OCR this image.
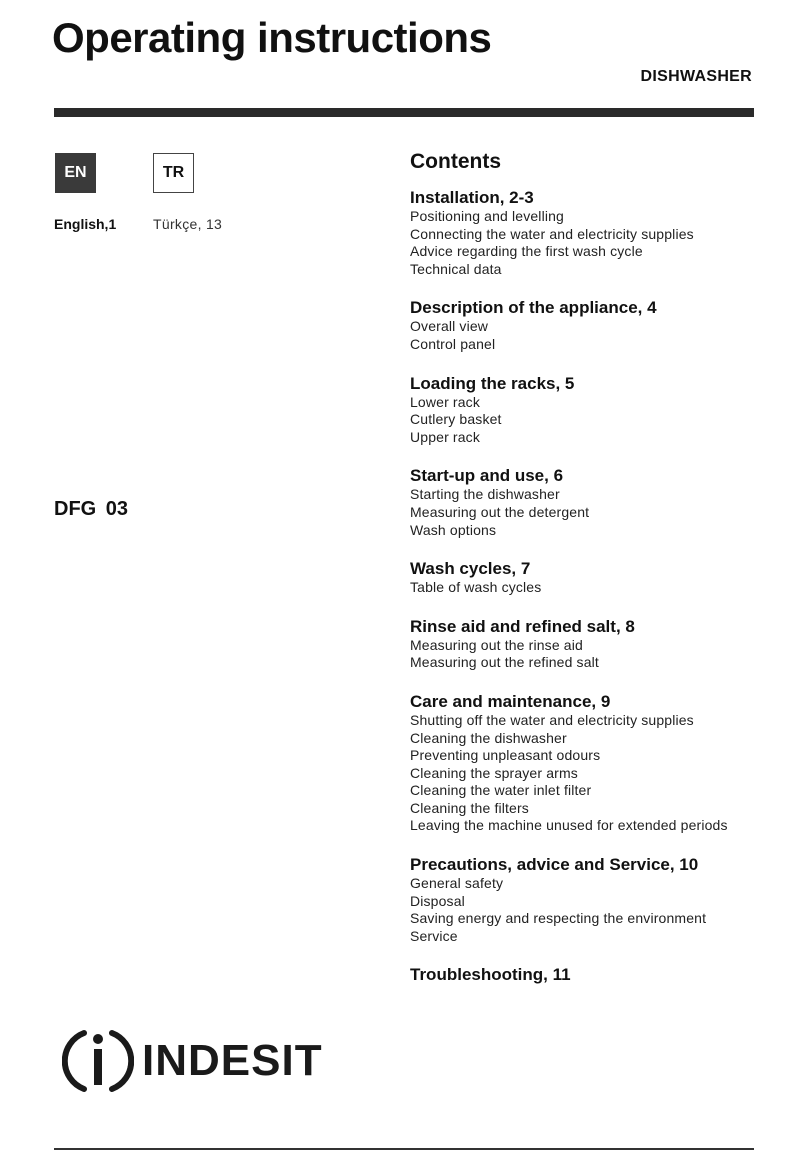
Operating instructions
DISHWASHER
EN	TR
English,1	Türkçe, 13
DFG 03
Contents
Installation, 2-3
Positioning and levelling
Connecting the water and electricity supplies
Advice regarding the first wash cycle
Technical data
Description of the appliance, 4
Overall view
Control panel
Loading the racks, 5
Lower rack
Cutlery basket
Upper rack
Start-up and use, 6
Starting the dishwasher
Measuring out the detergent
Wash options
Wash cycles, 7
Table of wash cycles
Rinse aid and refined salt, 8
Measuring out the rinse aid
Measuring out the refined salt
Care and maintenance, 9
Shutting off the water and electricity supplies
Cleaning the dishwasher
Preventing unpleasant odours
Cleaning the sprayer arms
Cleaning the water inlet filter
Cleaning the filters
Leaving the machine unused for extended periods
Precautions, advice and Service, 10
General safety
Disposal
Saving energy and respecting the environment
Service
Troubleshooting, 11
INDESIT
